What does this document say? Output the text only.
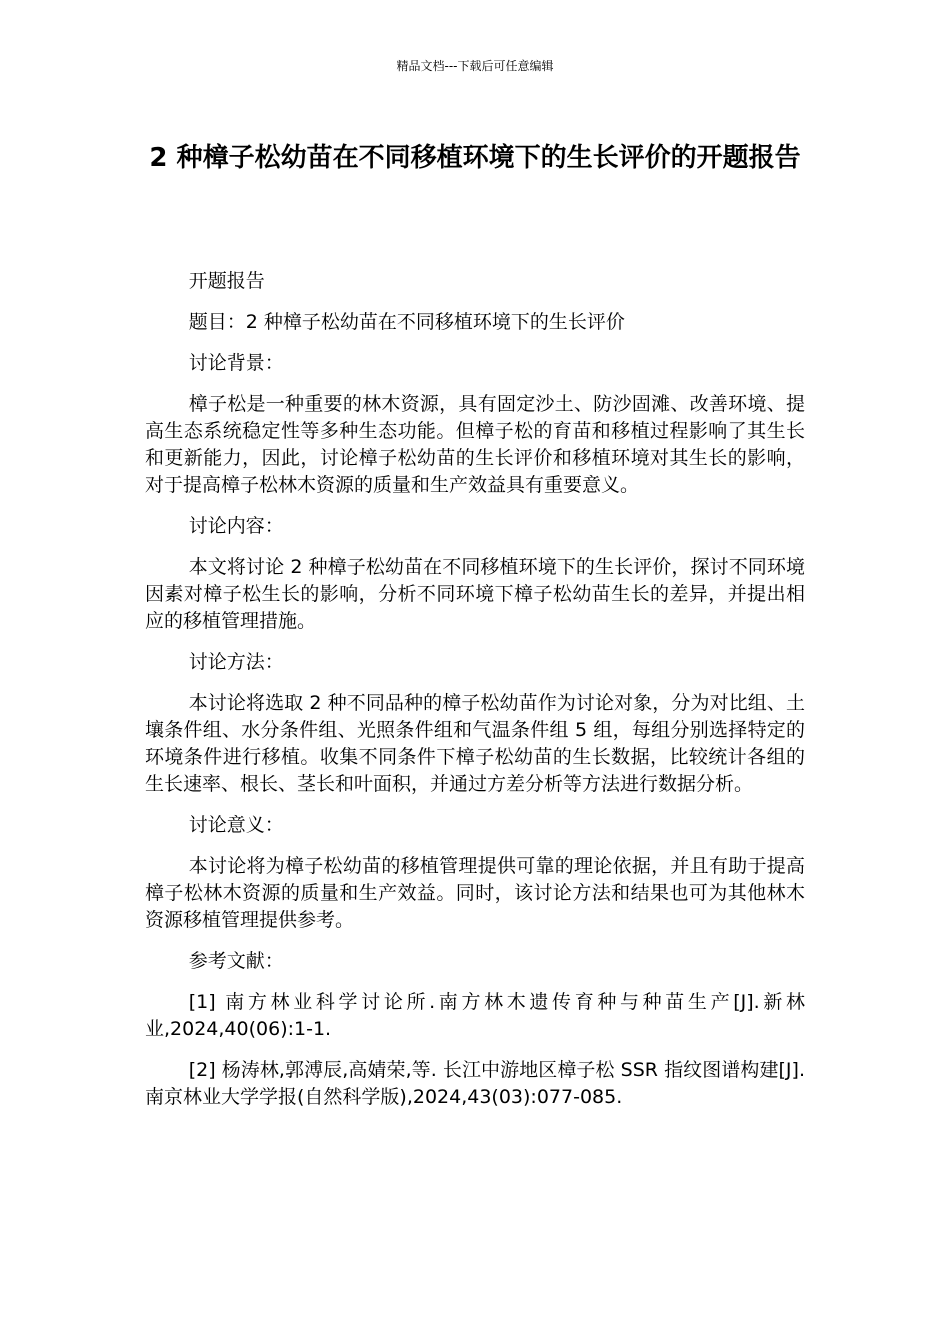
精品文档---下载后可任意编辑
2 种樟子松幼苗在不同移植环境下的生长评价的开题报告

开题报告

题目：2 种樟子松幼苗在不同移植环境下的生长评价

讨论背景：

樟子松是一种重要的林木资源，具有固定沙土、防沙固滩、改善环境、提高生态系统稳定性等多种生态功能。但樟子松的育苗和移植过程影响了其生长和更新能力，因此，讨论樟子松幼苗的生长评价和移植环境对其生长的影响，对于提高樟子松林木资源的质量和生产效益具有重要意义。

讨论内容：

本文将讨论 2 种樟子松幼苗在不同移植环境下的生长评价，探讨不同环境因素对樟子松生长的影响，分析不同环境下樟子松幼苗生长的差异，并提出相应的移植管理措施。

讨论方法：

本讨论将选取 2 种不同品种的樟子松幼苗作为讨论对象，分为对比组、土壤条件组、水分条件组、光照条件组和气温条件组 5 组，每组分别选择特定的环境条件进行移植。收集不同条件下樟子松幼苗的生长数据，比较统计各组的生长速率、根长、茎长和叶面积，并通过方差分析等方法进行数据分析。

讨论意义：

本讨论将为樟子松幼苗的移植管理提供可靠的理论依据，并且有助于提高樟子松林木资源的质量和生产效益。同时，该讨论方法和结果也可为其他林木资源移植管理提供参考。

参考文献：

[1] 南方林业科学讨论所.南方林木遗传育种与种苗生产[J].新林业,2024,40(06):1-1.

[2] 杨涛林,郭溥辰,高婧荣,等. 长江中游地区樟子松 SSR 指纹图谱构建[J].南京林业大学学报(自然科学版),2024,43(03):077-085.
